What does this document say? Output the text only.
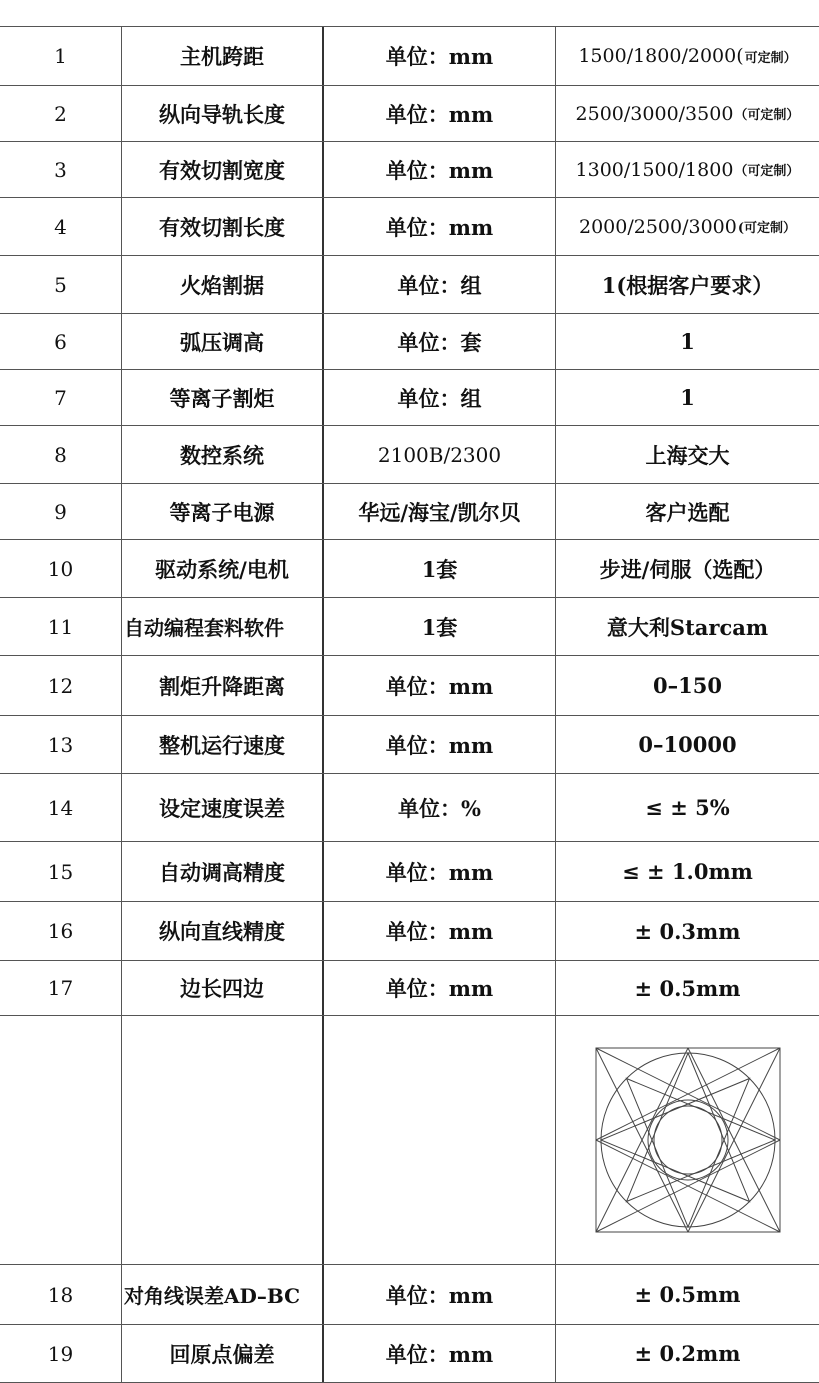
1	主机跨距	单位：mm	1500/1800/2000( 可定制）
2	纵向导轨长度	单位：mm	2500/3000/3500 （可定制）
3	有效切割宽度	单位：mm	1300/1500/1800 （可定制）
4	有效切割长度	单位：mm	2000/2500/3000 (可定制）
5	火焰割据	单位：组	1(根据客户要求）
6	弧压调高	单位：套	1
7	等离子割炬	单位：组	1
8	数控系统	2100B/2300	上海交大
9	等离子电源	华远/海宝/凯尔贝	客户选配
10	驱动系统/电机	1套	步进/伺服（选配）
11	自动编程套料软件	1套	意大利Starcam
12	割炬升降距离	单位：mm	0–150
13	整机运行速度	单位：mm	0–10000
14	设定速度误差	单位：%	≤ ± 5%
15	自动调高精度	单位：mm	≤ ± 1.0mm
16	纵向直线精度	单位：mm	± 0.3mm
17	边长四边	单位：mm	± 0.5mm
18	对角线误差AD–BC	单位：mm	± 0.5mm
19	回原点偏差	单位：mm	± 0.2mm
